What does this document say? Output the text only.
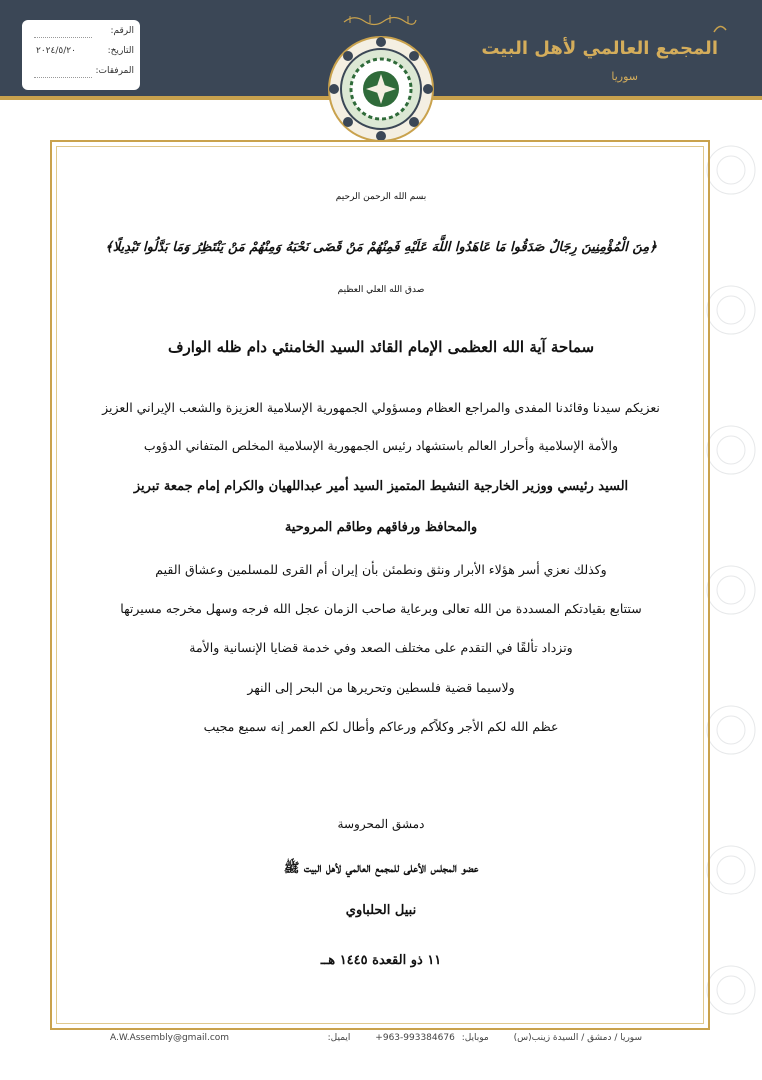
الرقم:
التاريخ:
٢٠٢٤/٥/٢٠
المرفقات:
المجمع العالمي لأهل البيت
سوريا
بسم الله الرحمن الرحيم
﴿مِنَ الْمُؤْمِنِينَ رِجَالٌ صَدَقُوا مَا عَاهَدُوا اللَّهَ عَلَيْهِ فَمِنْهُمْ مَنْ قَضَى نَحْبَهُ وَمِنْهُمْ مَنْ يَنْتَظِرُ وَمَا بَدَّلُوا تَبْدِيلًا﴾
صدق الله العلي العظيم
سماحة آية الله العظمى الإمام القائد السيد الخامنئي دام ظله الوارف
نعزيكم سيدنا وقائدنا المفدى والمراجع العظام ومسؤولي الجمهورية الإسلامية العزيزة والشعب الإيراني العزيز
والأمة الإسلامية وأحرار العالم باستشهاد رئيس الجمهورية الإسلامية المخلص المتفاني الدؤوب
السيد رئيسي ووزير الخارجية النشيط المتميز السيد أمير عبداللهيان والكرام إمام جمعة تبريز
والمحافظ ورفاقهم وطاقم المروحية
وكذلك نعزي أسر هؤلاء الأبرار ونثق ونطمئن بأن إيران أم القرى للمسلمين وعشاق القيم
ستتابع بقيادتكم المسددة من الله تعالى وبرعاية صاحب الزمان عجل الله فرجه وسهل مخرجه مسيرتها
وتزداد تألقًا في التقدم على مختلف الصعد وفي خدمة قضايا الإنسانية والأمة
ولاسيما قضية فلسطين وتحريرها من البحر إلى النهر
عظم الله لكم الأجر وكلاًكم ورعاكم وأطال لكم العمر إنه سميع مجيب
دمشق المحروسة
عضو المجلس الأعلى للمجمع العالمي لأهل البيت ﷺ
نبيل الحلباوي
١١ ذو القعدة ١٤٤٥ هــ
سوريا / دمشق / السيدة زينب(س) موبايل: +963-993384676 ايميل:
A.W.Assembly@gmail.com
